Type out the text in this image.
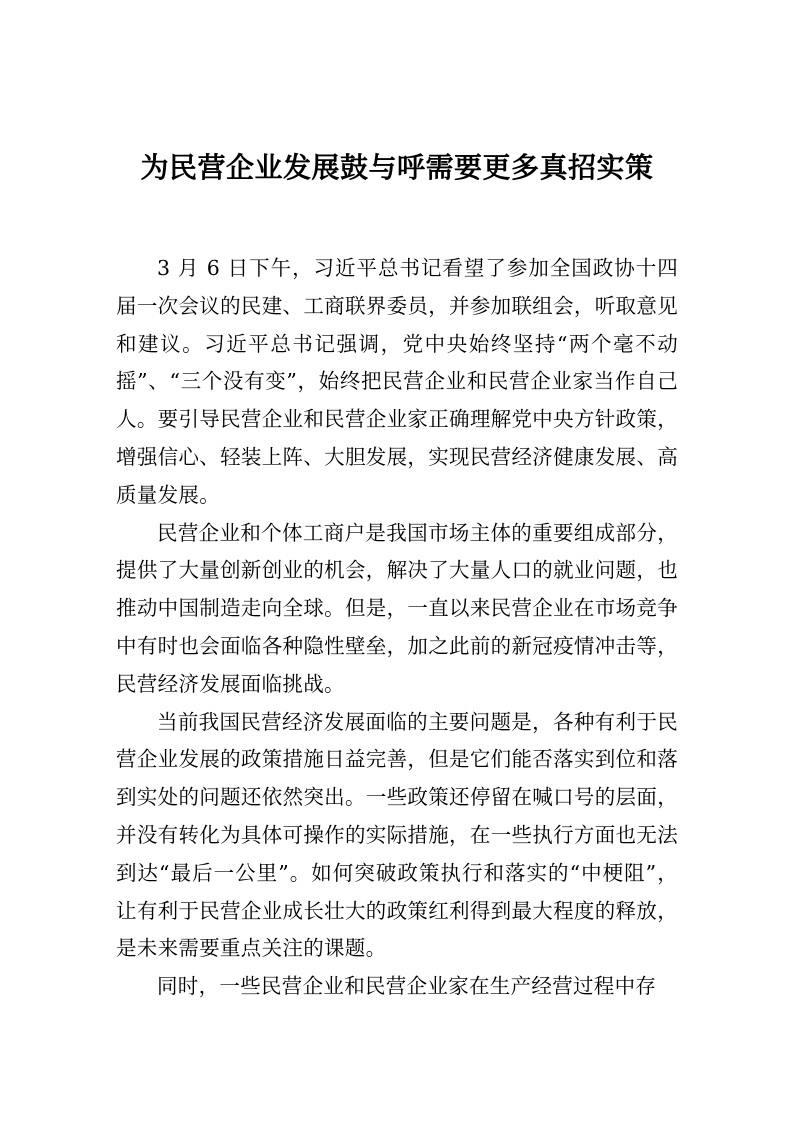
为民营企业发展鼓与呼需要更多真招实策

3 月 6 日下午，习近平总书记看望了参加全国政协十四届一次会议的民建、工商联界委员，并参加联组会，听取意见和建议。习近平总书记强调，党中央始终坚持“两个毫不动摇”、“三个没有变”，始终把民营企业和民营企业家当作自己人。要引导民营企业和民营企业家正确理解党中央方针政策，增强信心、轻装上阵、大胆发展，实现民营经济健康发展、高质量发展。

民营企业和个体工商户是我国市场主体的重要组成部分，提供了大量创新创业的机会，解决了大量人口的就业问题，也推动中国制造走向全球。但是，一直以来民营企业在市场竞争中有时也会面临各种隐性壁垒，加之此前的新冠疫情冲击等，民营经济发展面临挑战。

当前我国民营经济发展面临的主要问题是，各种有利于民营企业发展的政策措施日益完善，但是它们能否落实到位和落到实处的问题还依然突出。一些政策还停留在喊口号的层面，并没有转化为具体可操作的实际措施，在一些执行方面也无法到达“最后一公里”。如何突破政策执行和落实的“中梗阻”，让有利于民营企业成长壮大的政策红利得到最大程度的释放，是未来需要重点关注的课题。

同时，一些民营企业和民营企业家在生产经营过程中存
